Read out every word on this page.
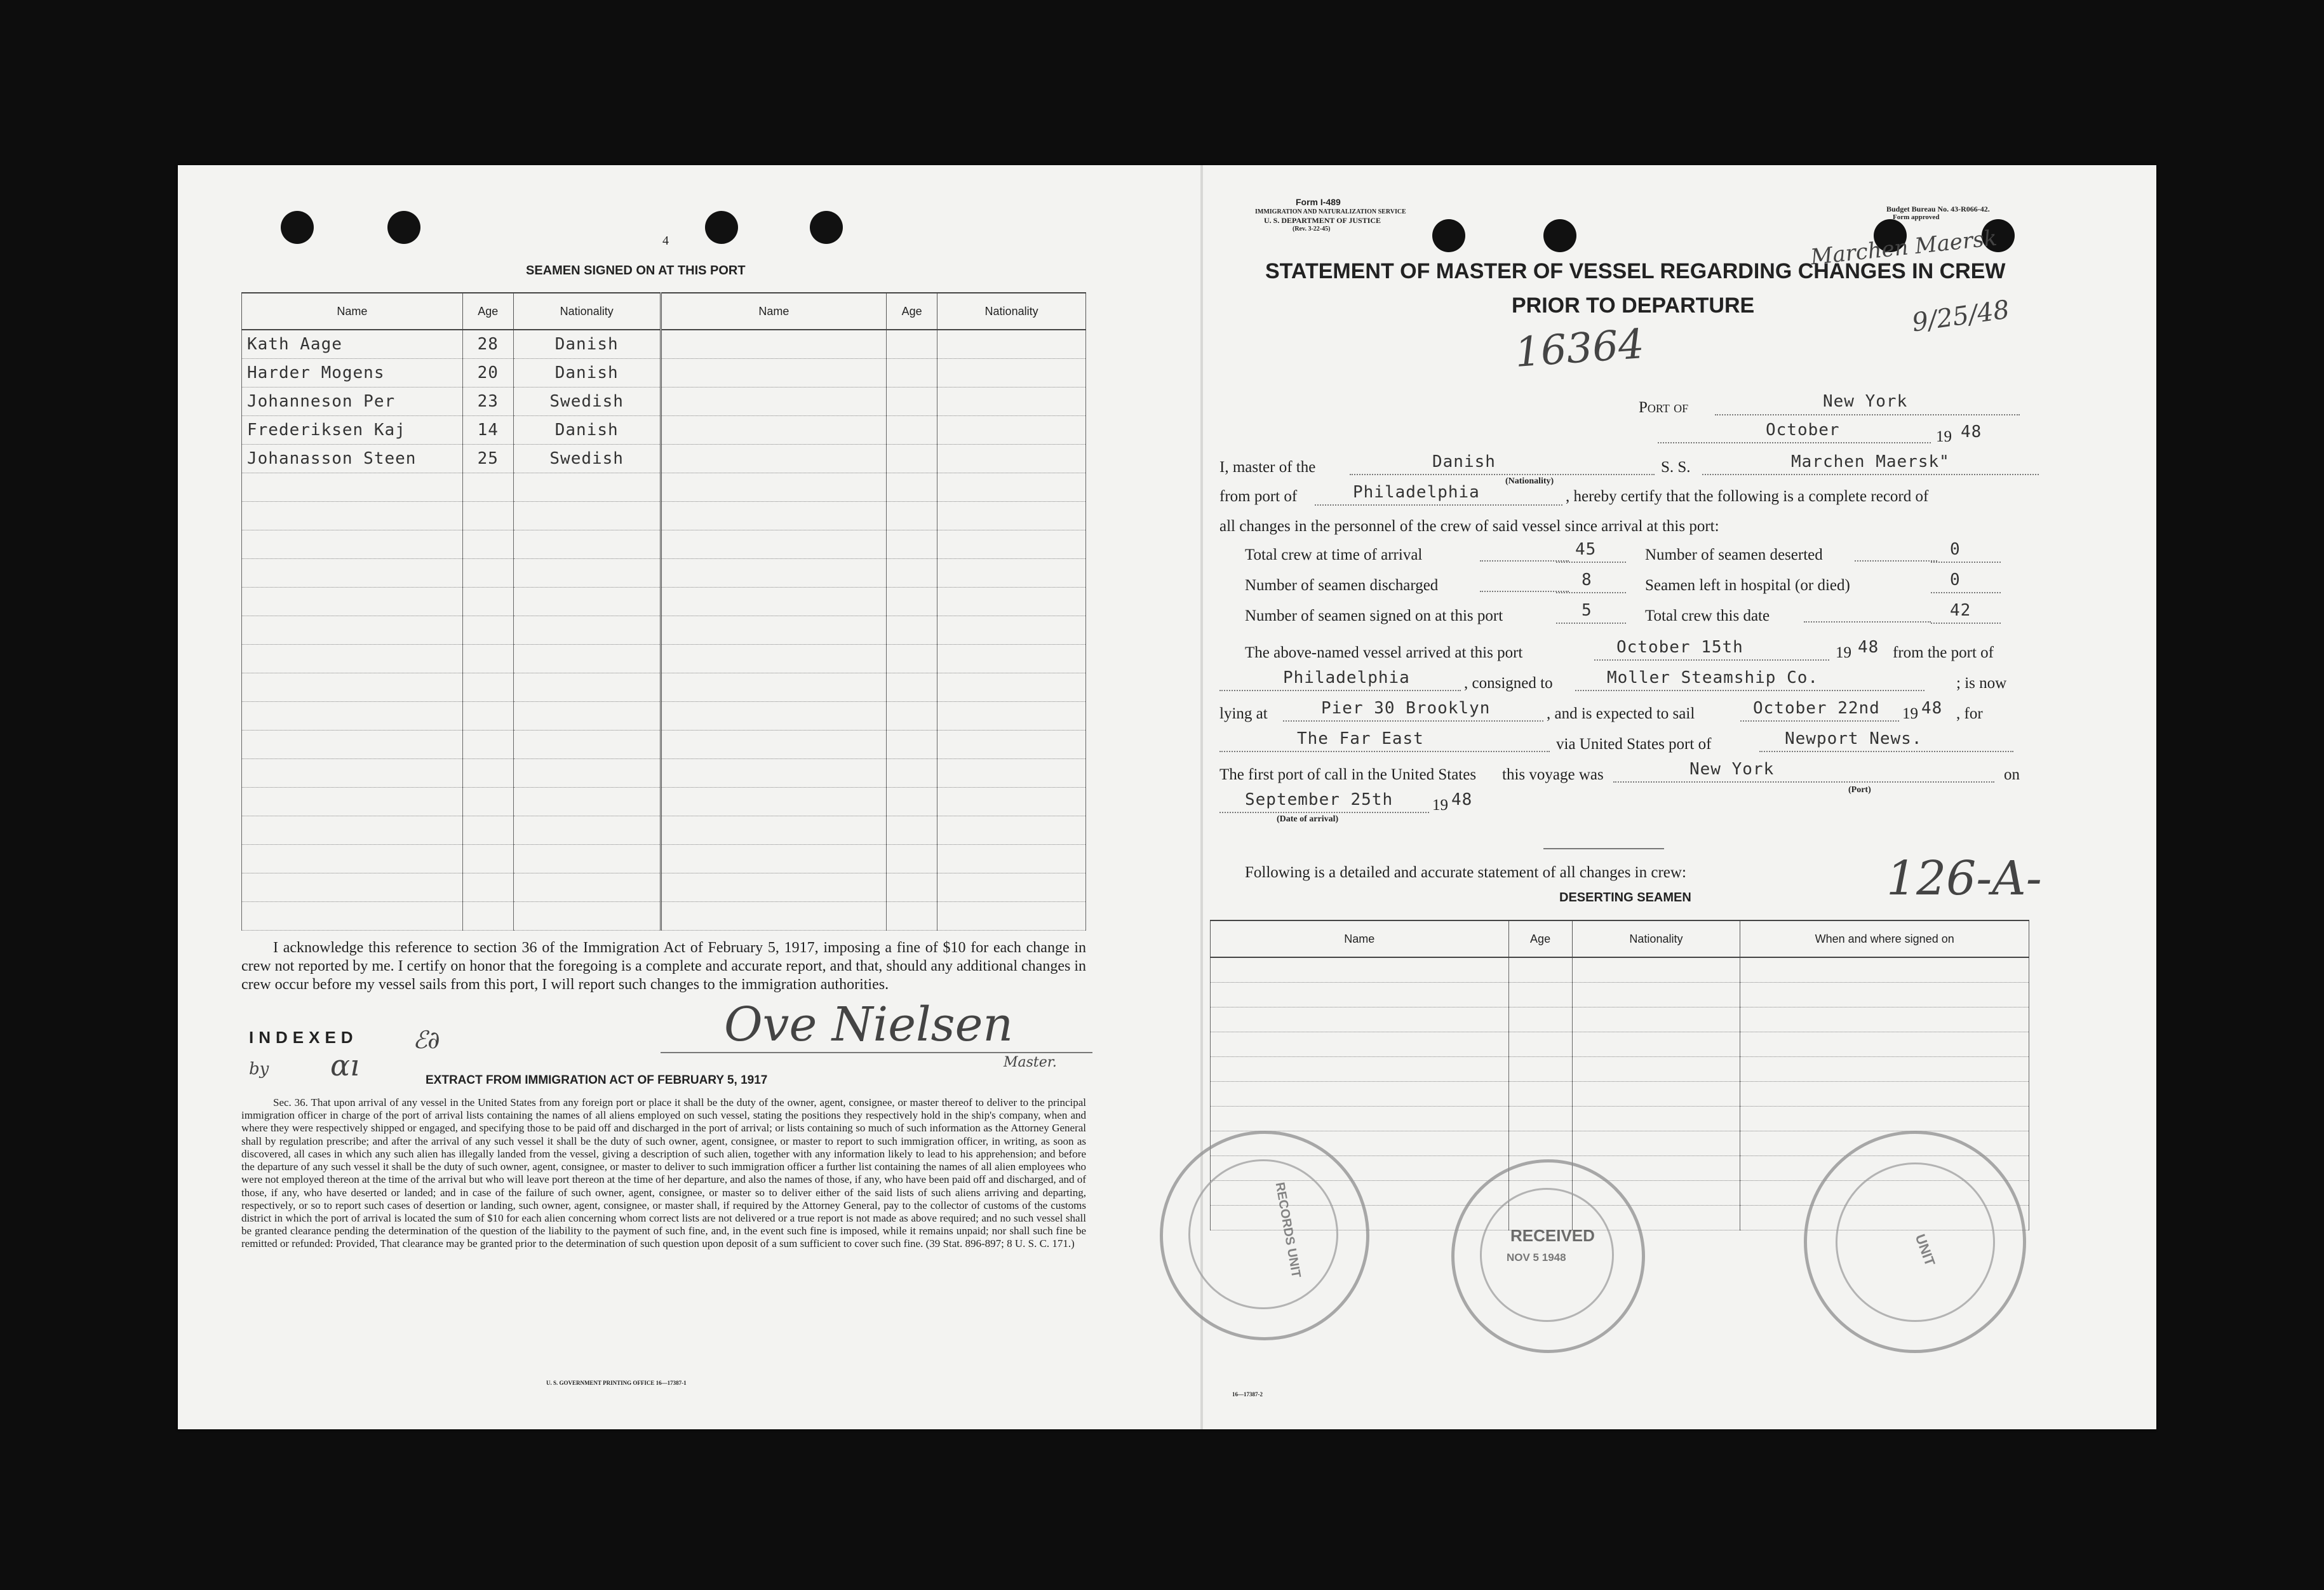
4
SEAMEN SIGNED ON AT THIS PORT
Name	Age	Nationality	Name	Age	Nationality
Kath Aage	28	Danish			
Harder Mogens	20	Danish			
Johanneson Per	23	Swedish			
Frederiksen Kaj	14	Danish			
Johanasson Steen	25	Swedish			

I acknowledge this reference to section 36 of the Immigration Act of February 5, 1917, imposing a fine of $10 for each change in crew not reported by me. I certify on honor that the foregoing is a complete and accurate report, and that, should any additional changes in crew occur before my vessel sails from this port, I will report such changes to the immigration authorities.
INDEXED
by ɑı
ℰ∂	Ove Nielsen
Master.
EXTRACT FROM IMMIGRATION ACT OF FEBRUARY 5, 1917
Sec. 36. That upon arrival of any vessel in the United States from any foreign port or place it shall be the duty of the owner, agent, consignee, or master thereof to deliver to the principal immigration officer in charge of the port of arrival lists containing the names of all aliens employed on such vessel, stating the positions they respectively hold in the ship's company, when and where they were respectively shipped or engaged, and specifying those to be paid off and discharged in the port of arrival; or lists containing so much of such information as the Attorney General shall by regulation prescribe; and after the arrival of any such vessel it shall be the duty of such owner, agent, consignee, or master to report to such immigration officer, in writing, as soon as discovered, all cases in which any such alien has illegally landed from the vessel, giving a description of such alien, together with any information likely to lead to his apprehension; and before the departure of any such vessel it shall be the duty of such owner, agent, consignee, or master to deliver to such immigration officer a further list containing the names of all alien employees who were not employed thereon at the time of the arrival but who will leave port thereon at the time of her departure, and also the names of those, if any, who have been paid off and discharged, and of those, if any, who have deserted or landed; and in case of the failure of such owner, agent, consignee, or master so to deliver either of the said lists of such aliens arriving and departing, respectively, or so to report such cases of desertion or landing, such owner, agent, consignee, or master shall, if required by the Attorney General, pay to the collector of customs of the customs district in which the port of arrival is located the sum of $10 for each alien concerning whom correct lists are not delivered or a true report is not made as above required; and no such vessel shall be granted clearance pending the determination of the question of the liability to the payment of such fine, and, in the event such fine is imposed, while it remains unpaid; nor shall such fine be remitted or refunded: Provided, That clearance may be granted prior to the determination of such question upon deposit of a sum sufficient to cover such fine. (39 Stat. 896-897; 8 U. S. C. 171.)
U. S. GOVERNMENT PRINTING OFFICE 16—17387-1
Form I-489
IMMIGRATION AND NATURALIZATION SERVICE
U. S. DEPARTMENT OF JUSTICE
(Rev. 3-22-45)
Budget Bureau No. 43-R066-42.
Form approved
Marchen Maersk
9/25/48
STATEMENT OF MASTER OF VESSEL REGARDING CHANGES IN CREW
PRIOR TO DEPARTURE
16364
Port of	New York
October	19 48
I, master of the	Danish
(Nationality)
S. S.	Marchen Maersk"
from port of	Philadelphia	, hereby certify that the following is a complete record of
all changes in the personnel of the crew of said vessel since arrival at this port:
Total crew at time of arrival	45
Number of seamen discharged	8
Number of seamen signed on at this port	5
Number of seamen deserted	0
Seamen left in hospital (or died)	0
Total crew this date	42
The above-named vessel arrived at this port	October 15th	19 48 from the port of
Philadelphia	, consigned to	Moller Steamship Co.	; is now
lying at	Pier 30 Brooklyn	, and is expected to sail	October 22nd 19 48 , for
The Far East	via United States port of	Newport News.
The first port of call in the United States this voyage was	New York
(Port)
on
September 25th 19 48
(Date of arrival)
Following is a detailed and accurate statement of all changes in crew:	126-A-
DESERTING SEAMEN
Name	Age	Nationality	When and where signed on

RECORDS UNIT	RECEIVED
NOV 5 1948	UNIT
16—17387-2
